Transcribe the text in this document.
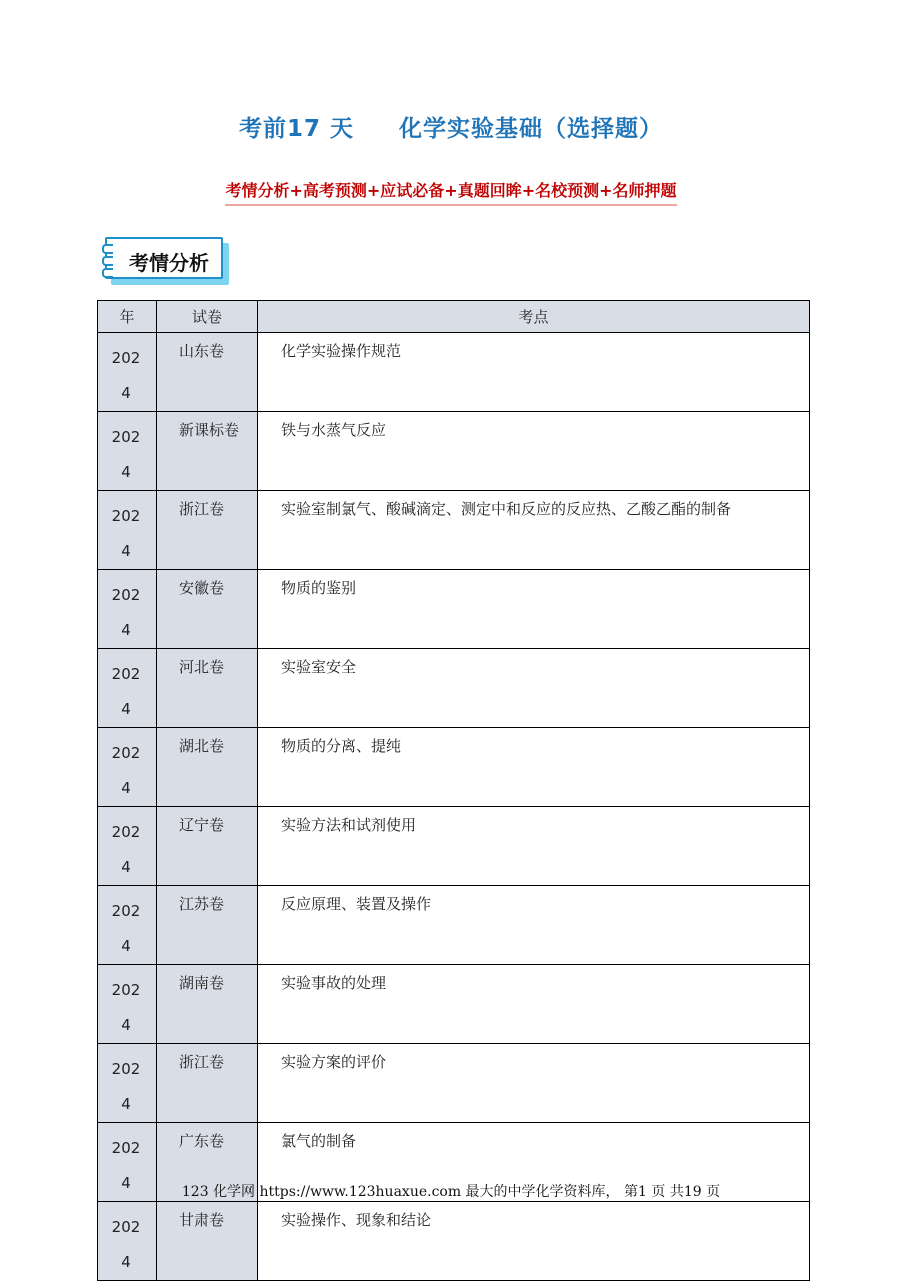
考前17 天     化学实验基础（选择题）
考情分析+高考预测+应试必备+真题回眸+名校预测+名师押题
考情分析
年	试卷	考点

202
4	山东卷	化学实验操作规范

202
4	新课标卷	铁与水蒸气反应

202
4	浙江卷	实验室制氯气、酸碱滴定、测定中和反应的反应热、乙酸乙酯的制备

202
4	安徽卷	物质的鉴别

202
4	河北卷	实验室安全

202
4	湖北卷	物质的分离、提纯

202
4	辽宁卷	实验方法和试剂使用

202
4	江苏卷	反应原理、装置及操作

202
4	湖南卷	实验事故的处理

202
4	浙江卷	实验方案的评价

202
4	广东卷	氯气的制备

202
4	甘肃卷	实验操作、现象和结论
123 化学网 https://www.123huaxue.com 最大的中学化学资料库， 第1 页 共19 页
